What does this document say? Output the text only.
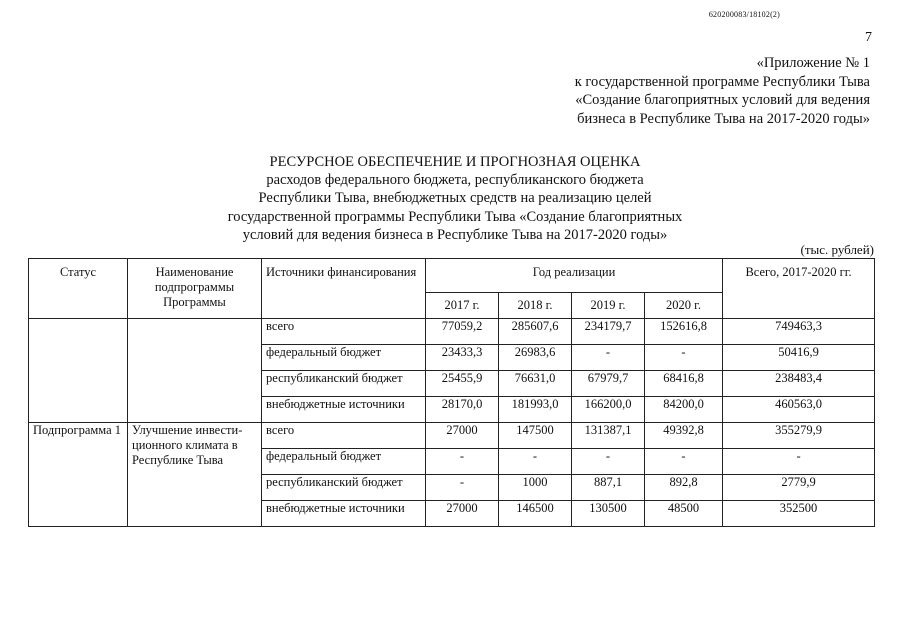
620200083/18102(2)
7
«Приложение № 1
к государственной программе Республики Тыва
«Создание благоприятных условий для ведения
бизнеса в Республике Тыва на 2017-2020 годы»
РЕСУРСНОЕ ОБЕСПЕЧЕНИЕ И ПРОГНОЗНАЯ ОЦЕНКА
расходов федерального бюджета, республиканского бюджета
Республики Тыва, внебюджетных средств на реализацию целей
государственной программы Республики Тыва «Создание благоприятных
условий для ведения бизнеса в Республике Тыва на 2017-2020 годы»
(тыс. рублей)
Статус	Наименование
подпрограммы
Программы	Источники финансирования	Год реализации				Всего, 2017-2020 гг.
			2017 г.	2018 г.	2019 г.	2020 г.	
		всего	77059,2	285607,6	234179,7	152616,8	749463,3
		федеральный бюджет	23433,3	26983,6	-	-	50416,9
		республиканский бюджет	25455,9	76631,0	67979,7	68416,8	238483,4
		внебюджетные источники	28170,0	181993,0	166200,0	84200,0	460563,0
Подпрограмма 1	Улучшение инвести-
ционного климата в
Республике Тыва	всего	27000	147500	131387,1	49392,8	355279,9
		федеральный бюджет	-	-	-	-	-
		республиканский бюджет	-	1000	887,1	892,8	2779,9
		внебюджетные источники	27000	146500	130500	48500	352500
